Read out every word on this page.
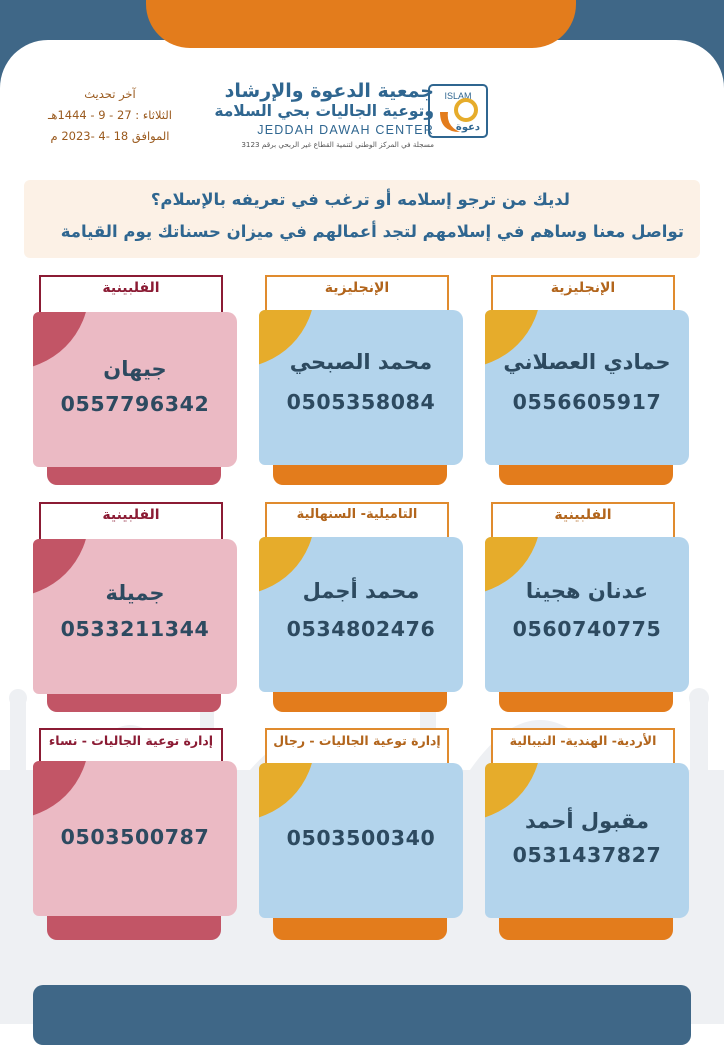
آخر تحديث
الثلاثاء : 27 - 9 - 1444هـ
الموافق 18 -4 -2023 م
جمعية الدعوة والإرشاد
وتوعية الجاليات بحي السلامة
JEDDAH DAWAH CENTER
مسجلة في المركز الوطني لتنمية القطاع غير الربحي برقم 3123
ISLAM
دعوة
لديك من ترجو إسلامه أو ترغب في تعريفه بالإسلام؟
تواصل معنا وساهم في إسلامهم لتجد أعمالهم في ميزان حسناتك يوم القيامة
الإنجليزية
حمادي العصلاني
0556605917
الإنجليزية
محمد الصبحي
0505358084
الفلبينية
جيهان
0557796342
الفلبينية
عدنان هجينا
0560740775
التاميلية- السنهالية
محمد أجمل
0534802476
الفلبينية
جميلة
0533211344
الأردية- الهندية- النيبالية
مقبول أحمد
0531437827
إدارة توعية الجاليات - رجال
0503500340
إدارة توعية الجاليات - نساء
0503500787
